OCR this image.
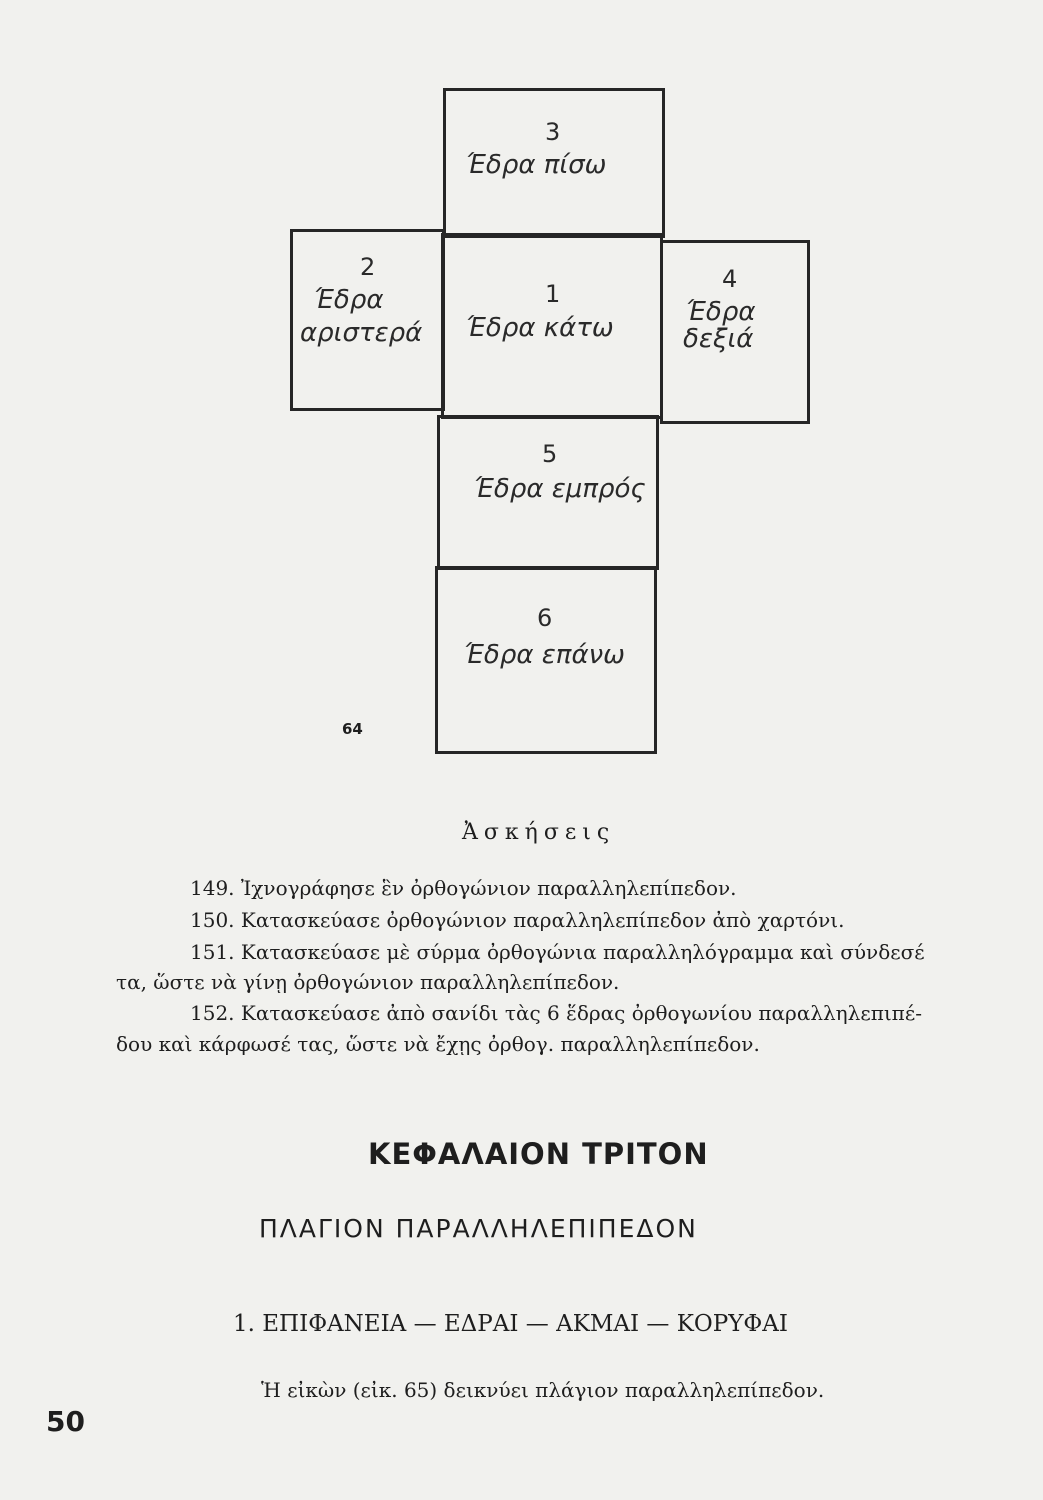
3
Έδρα πίσω
2
Έδρα
αριστερά
1
Έδρα κάτω
4
Έδρα
δεξιά
5
Έδρα εμπρός
6
Έδρα επάνω
64
Ἀσκήσεις
149. Ἰχνογράφησε ἓν ὀρθογώνιον παραλληλεπίπεδον.
150. Κατασκεύασε ὀρθογώνιον παραλληλεπίπεδον ἀπὸ χαρτόνι.
151. Κατασκεύασε μὲ σύρμα ὀρθογώνια παραλληλόγραμμα καὶ σύνδεσέ
τα, ὥστε νὰ γίνῃ ὀρθογώνιον παραλληλεπίπεδον.
152. Κατασκεύασε ἀπὸ σανίδι τὰς 6 ἕδρας ὀρθογωνίου παραλληλεπιπέ-
δου καὶ κάρφωσέ τας, ὥστε νὰ ἔχῃς ὀρθογ. παραλληλεπίπεδον.
ΚΕΦΑΛΑΙΟΝ ΤΡΙΤΟΝ
ΠΛΑΓΙΟΝ ΠΑΡΑΛΛΗΛΕΠΙΠΕΔΟΝ
1. ΕΠΙΦΑΝΕΙΑ — ΕΔΡΑΙ — ΑΚΜΑΙ — ΚΟΡΥΦΑΙ
Ἡ εἰκὼν (εἰκ. 65) δεικνύει πλάγιον παραλληλεπίπεδον.
50
